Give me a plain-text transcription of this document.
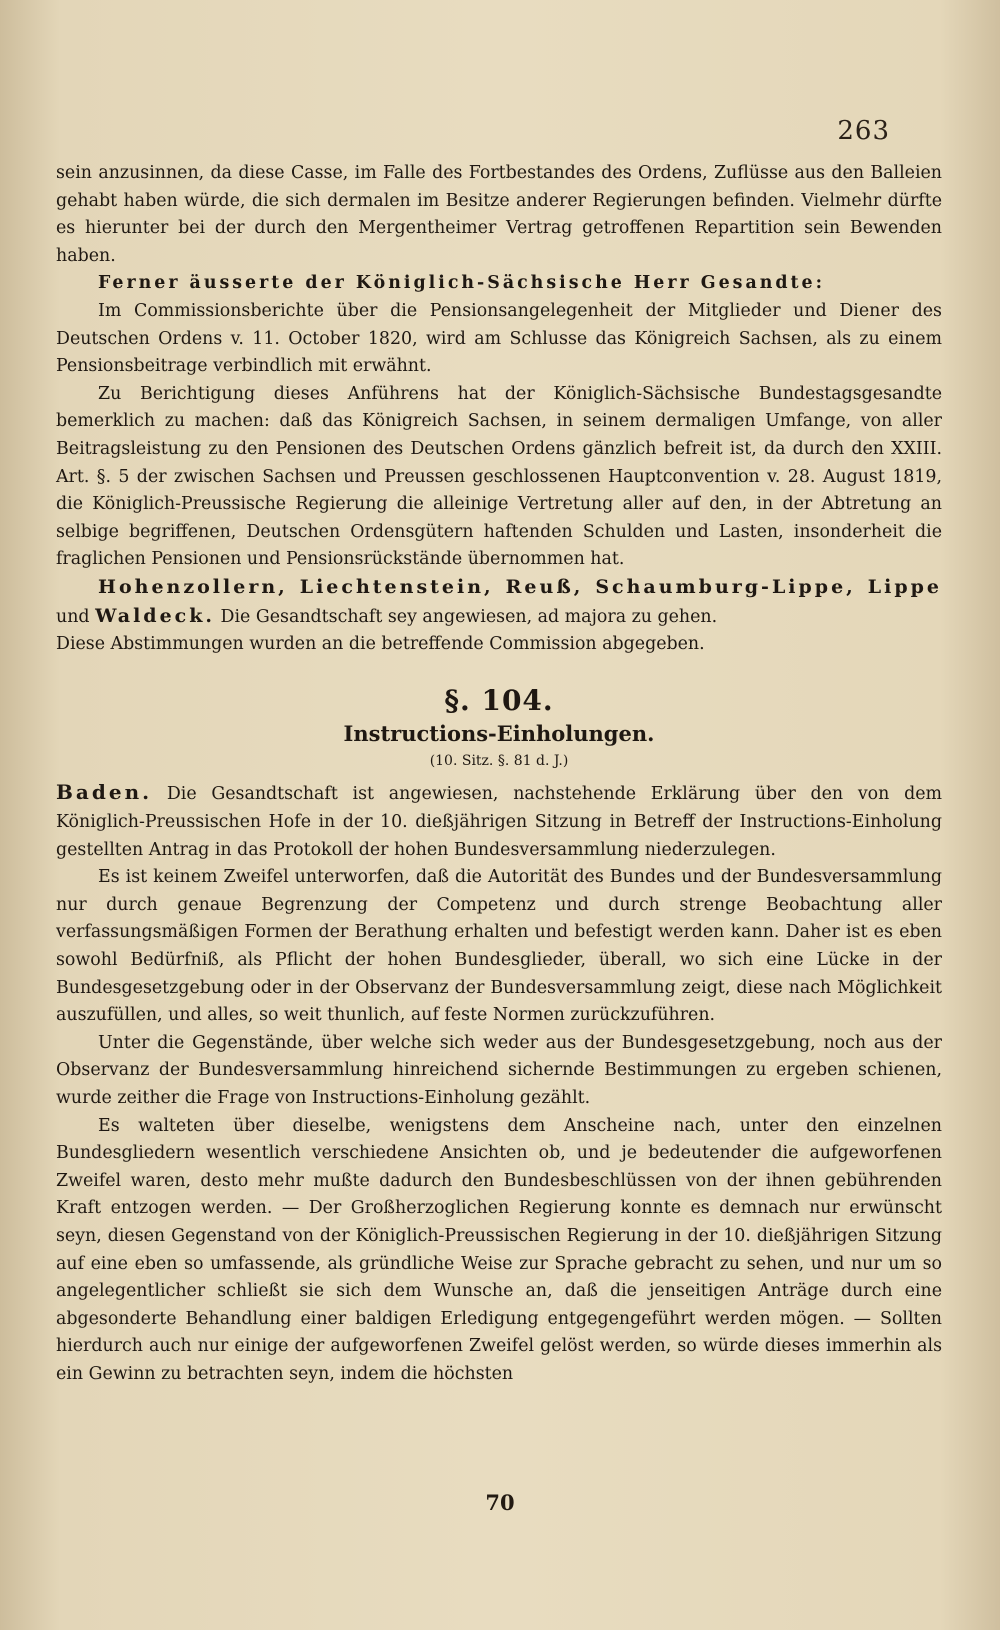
263

sein anzusinnen, da diese Casse, im Falle des Fortbestandes des Ordens, Zuflüsse aus den Balleien gehabt haben würde, die sich dermalen im Besitze anderer Regierungen befinden. Vielmehr dürfte es hierunter bei der durch den Mergentheimer Vertrag getroffenen Repartition sein Bewenden haben.

Ferner äusserte der Königlich-Sächsische Herr Gesandte:

Im Commissionsberichte über die Pensionsangelegenheit der Mitglieder und Diener des Deutschen Ordens v. 11. October 1820, wird am Schlusse das Königreich Sachsen, als zu einem Pensionsbeitrage verbindlich mit erwähnt.

Zu Berichtigung dieses Anführens hat der Königlich-Sächsische Bundestagsgesandte bemerklich zu machen: daß das Königreich Sachsen, in seinem dermaligen Umfange, von aller Beitragsleistung zu den Pensionen des Deutschen Ordens gänzlich befreit ist, da durch den XXIII. Art. §. 5 der zwischen Sachsen und Preussen geschlossenen Hauptconvention v. 28. August 1819, die Königlich-Preussische Regierung die alleinige Vertretung aller auf den, in der Abtretung an selbige begriffenen, Deutschen Ordensgütern haftenden Schulden und Lasten, insonderheit die fraglichen Pensionen und Pensionsrückstände übernommen hat.

Hohenzollern, Liechtenstein, Reuß, Schaumburg-Lippe, Lippe und Waldeck. Die Gesandtschaft sey angewiesen, ad majora zu gehen.

Diese Abstimmungen wurden an die betreffende Commission abgegeben.

§. 104.
Instructions-Einholungen.
(10. Sitz. §. 81 d. J.)

Baden. Die Gesandtschaft ist angewiesen, nachstehende Erklärung über den von dem Königlich-Preussischen Hofe in der 10. dießjährigen Sitzung in Betreff der Instructions-Einholung gestellten Antrag in das Protokoll der hohen Bundesversammlung niederzulegen.

Es ist keinem Zweifel unterworfen, daß die Autorität des Bundes und der Bundesversammlung nur durch genaue Begrenzung der Competenz und durch strenge Beobachtung aller verfassungsmäßigen Formen der Berathung erhalten und befestigt werden kann. Daher ist es eben sowohl Bedürfniß, als Pflicht der hohen Bundesglieder, überall, wo sich eine Lücke in der Bundesgesetzgebung oder in der Observanz der Bundesversammlung zeigt, diese nach Möglichkeit auszufüllen, und alles, so weit thunlich, auf feste Normen zurückzuführen.

Unter die Gegenstände, über welche sich weder aus der Bundesgesetzgebung, noch aus der Observanz der Bundesversammlung hinreichend sichernde Bestimmungen zu ergeben schienen, wurde zeither die Frage von Instructions-Einholung gezählt.

Es walteten über dieselbe, wenigstens dem Anscheine nach, unter den einzelnen Bundesgliedern wesentlich verschiedene Ansichten ob, und je bedeutender die aufgeworfenen Zweifel waren, desto mehr mußte dadurch den Bundesbeschlüssen von der ihnen gebührenden Kraft entzogen werden. — Der Großherzoglichen Regierung konnte es demnach nur erwünscht seyn, diesen Gegenstand von der Königlich-Preussischen Regierung in der 10. dießjährigen Sitzung auf eine eben so umfassende, als gründliche Weise zur Sprache gebracht zu sehen, und nur um so angelegentlicher schließt sie sich dem Wunsche an, daß die jenseitigen Anträge durch eine abgesonderte Behandlung einer baldigen Erledigung entgegengeführt werden mögen. — Sollten hierdurch auch nur einige der aufgeworfenen Zweifel gelöst werden, so würde dieses immerhin als ein Gewinn zu betrachten seyn, indem die höchsten

70
